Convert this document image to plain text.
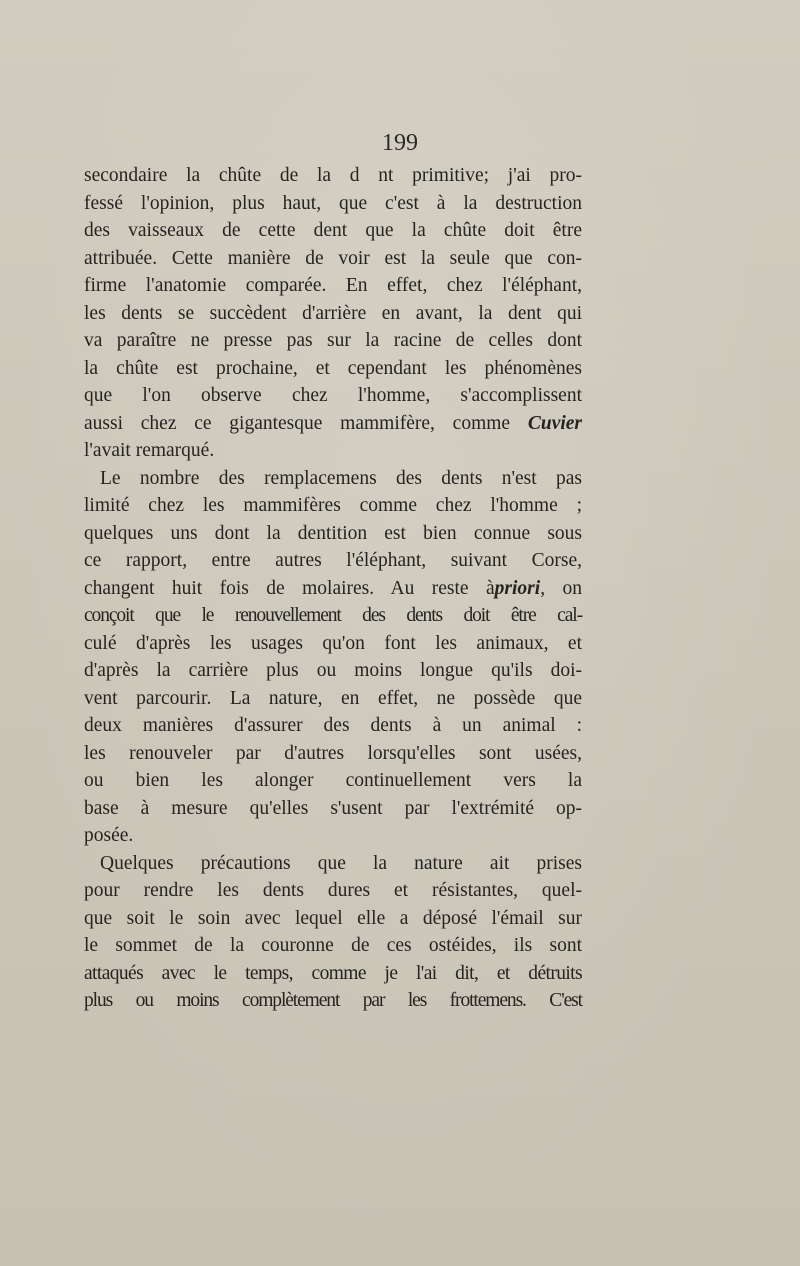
199
secondaire la chûte de la d nt primitive; j'ai pro-
fessé l'opinion, plus haut, que c'est à la destruction
des vaisseaux de cette dent que la chûte doit être
attribuée. Cette manière de voir est la seule que con-
firme l'anatomie comparée. En effet, chez l'éléphant,
les dents se succèdent d'arrière en avant, la dent qui
va paraître ne presse pas sur la racine de celles dont
la chûte est prochaine, et cependant les phénomènes
que l'on observe chez l'homme, s'accomplissent
aussi chez ce gigantesque mammifère, comme Cuvier
l'avait remarqué.
Le nombre des remplacemens des dents n'est pas
limité chez les mammifères comme chez l'homme ;
quelques uns dont la dentition est bien connue sous
ce rapport, entre autres l'éléphant, suivant Corse,
changent huit fois de molaires. Au reste àpriori, on
conçoit que le renouvellement des dents doit être cal-
culé d'après les usages qu'on font les animaux, et
d'après la carrière plus ou moins longue qu'ils doi-
vent parcourir. La nature, en effet, ne possède que
deux manières d'assurer des dents à un animal :
les renouveler par d'autres lorsqu'elles sont usées,
ou bien les alonger continuellement vers la
base à mesure qu'elles s'usent par l'extrémité op-
posée.
Quelques précautions que la nature ait prises
pour rendre les dents dures et résistantes, quel-
que soit le soin avec lequel elle a déposé l'émail sur
le sommet de la couronne de ces ostéides, ils sont
attaqués avec le temps, comme je l'ai dit, et détruits
plus ou moins complètement par les frottemens. C'est
